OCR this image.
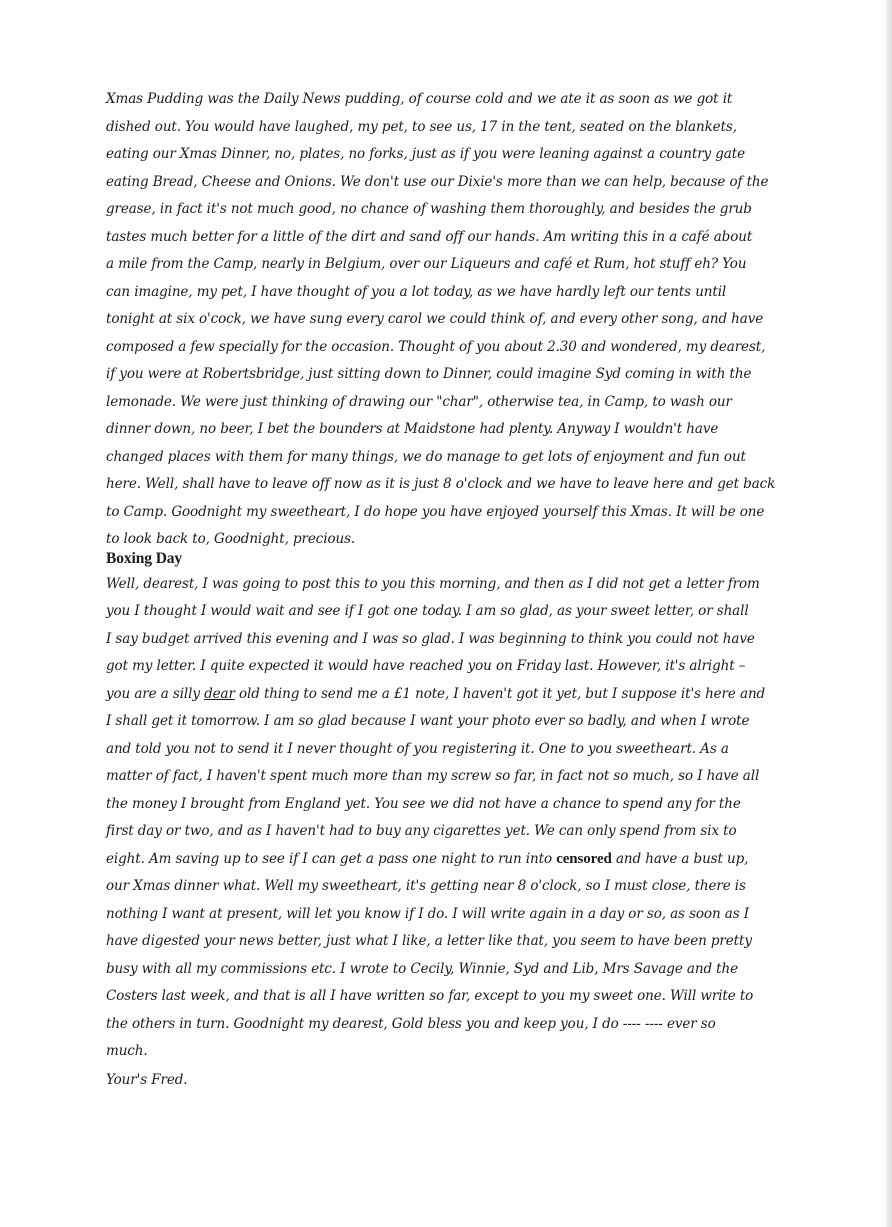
Xmas Pudding was the Daily News pudding, of course cold and we ate it as soon as we got it
dished out. You would have laughed, my pet, to see us, 17 in the tent, seated on the blankets,
eating our Xmas Dinner, no, plates, no forks, just as if you were leaning against a country gate
eating Bread, Cheese and Onions. We don't use our Dixie's more than we can help, because of the
grease, in fact it's not much good, no chance of washing them thoroughly, and besides the grub
tastes much better for a little of the dirt and sand off our hands. Am writing this in a café about
a mile from the Camp, nearly in Belgium, over our Liqueurs and café et Rum, hot stuff eh? You
can imagine, my pet, I have thought of you a lot today, as we have hardly left our tents until
tonight at six o'cock, we have sung every carol we could think of, and every other song, and have
composed a few specially for the occasion. Thought of you about 2.30 and wondered, my dearest,
if you were at Robertsbridge, just sitting down to Dinner, could imagine Syd coming in with the
lemonade. We were just thinking of drawing our "char", otherwise tea, in Camp, to wash our
dinner down, no beer, I bet the bounders at Maidstone had plenty. Anyway I wouldn't have
changed places with them for many things, we do manage to get lots of enjoyment and fun out
here. Well, shall have to leave off now as it is just 8 o'clock and we have to leave here and get back
to Camp. Goodnight my sweetheart, I do hope you have enjoyed yourself this Xmas. It will be one
to look back to, Goodnight, precious.
Boxing Day
Well, dearest, I was going to post this to you this morning, and then as I did not get a letter from
you I thought I would wait and see if I got one today. I am so glad, as your sweet letter, or shall
I say budget arrived this evening and I was so glad. I was beginning to think you could not have
got my letter. I quite expected it would have reached you on Friday last. However, it's alright –
you are a silly dear old thing to send me a £1 note, I haven't got it yet, but I suppose it's here and
I shall get it tomorrow. I am so glad because I want your photo ever so badly, and when I wrote
and told you not to send it I never thought of you registering it. One to you sweetheart. As a
matter of fact, I haven't spent much more than my screw so far, in fact not so much, so I have all
the money I brought from England yet. You see we did not have a chance to spend any for the
first day or two, and as I haven't had to buy any cigarettes yet. We can only spend from six to
eight. Am saving up to see if I can get a pass one night to run into censored and have a bust up,
our Xmas dinner what. Well my sweetheart, it's getting near 8 o'clock, so I must close, there is
nothing I want at present, will let you know if I do. I will write again in a day or so, as soon as I
have digested your news better, just what I like, a letter like that, you seem to have been pretty
busy with all my commissions etc. I wrote to Cecily, Winnie, Syd and Lib, Mrs Savage and the
Costers last week, and that is all I have written so far, except to you my sweet one. Will write to
the others in turn. Goodnight my dearest, Gold bless you and keep you, I do ---- ---- ever so
much.
Your's Fred.
